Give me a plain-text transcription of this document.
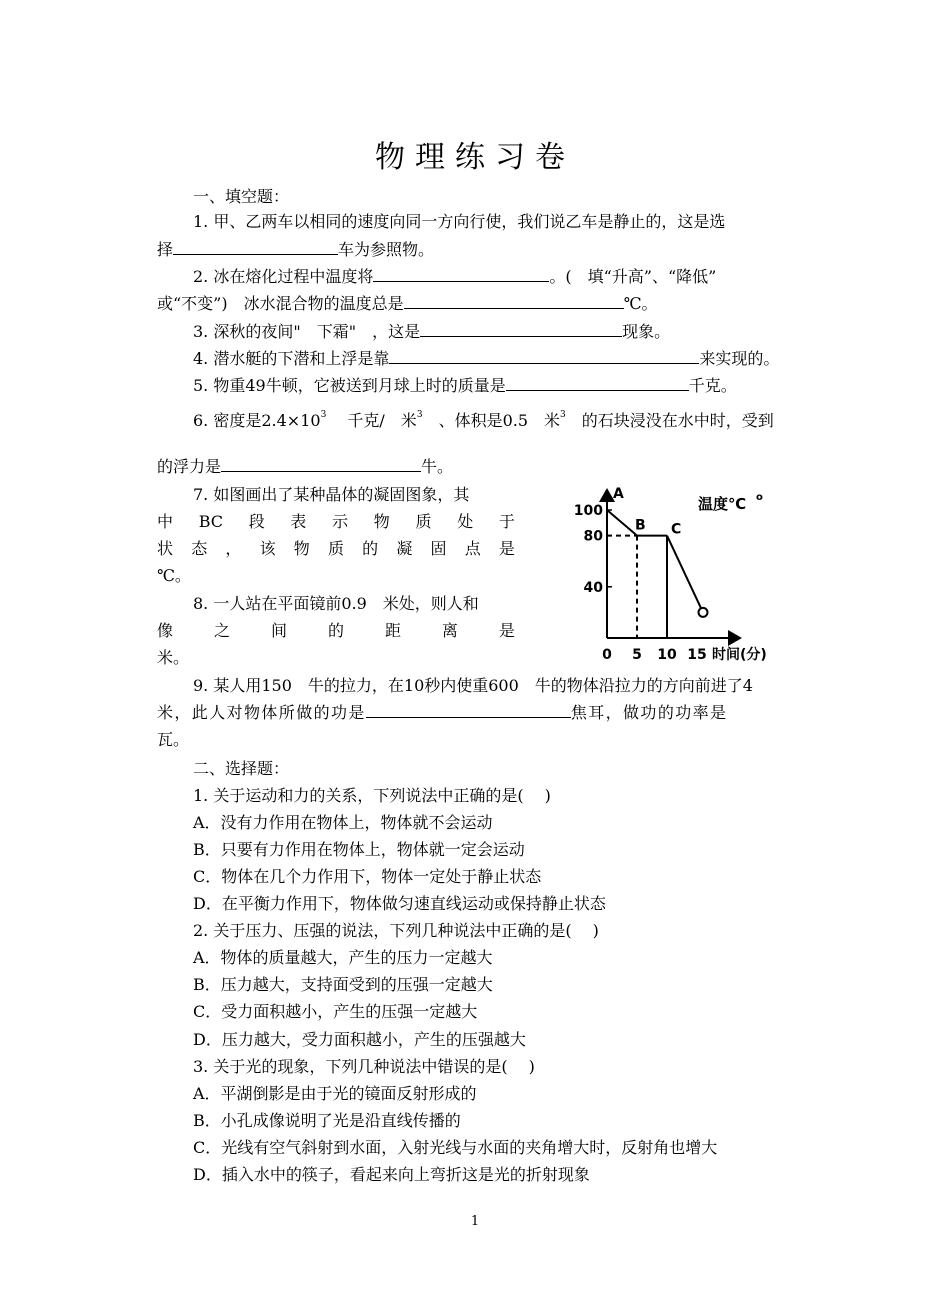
物理练习卷
一、填空题：
1. 甲、乙两车以相同的速度向同一方向行使，我们说乙车是静止的，这是选
择	车为参照物。
2. 冰在熔化过程中温度将	。(　填“升高”、“降低”
或“不变”)　冰水混合物的温度总是	℃。
3. 深秋的夜间"　下霜"　，这是	现象。
4. 潜水艇的下潜和上浮是靠	来实现的。
5. 物重49牛顿，它被送到月球上时的质量是	千克。
6. 密度是$2.4\times 10^3$　 千克/　米$^3$　 、体积是0.5　米$^3$　 的石块浸没在水中时，受到
的浮力是	牛。
7. 如图画出了某种晶体的凝固图象，其
中 BC 段 表 示 物 质 处 于
状 态 ， 该 物 质 的 凝 固 点 是
℃。
8. 一人站在平面镜前0.9　米处，则人和
像	之	间	的	距	离	是
米。
9. 某人用150　牛的拉力，在10秒内使重600　牛的物体沿拉力的方向前进了4
米，此人对物体所做的功是	焦耳，做功的功率是
瓦。
40
80
100
0 5 10 15
A
B C
o
温度℃
时间(分)
二、选择题：
1. 关于运动和力的关系，下列说法中正确的是(　 )
A．没有力作用在物体上，物体就不会运动
B．只要有力作用在物体上，物体就一定会运动
C．物体在几个力作用下，物体一定处于静止状态
D．在平衡力作用下，物体做匀速直线运动或保持静止状态
2. 关于压力、压强的说法，下列几种说法中正确的是(　 )
A．物体的质量越大，产生的压力一定越大
B．压力越大，支持面受到的压强一定越大
C．受力面积越小，产生的压强一定越大
D．压力越大，受力面积越小，产生的压强越大
3. 关于光的现象，下列几种说法中错误的是(　 )
A．平湖倒影是由于光的镜面反射形成的
B．小孔成像说明了光是沿直线传播的
C．光线有空气斜射到水面，入射光线与水面的夹角增大时，反射角也增大
D．插入水中的筷子，看起来向上弯折这是光的折射现象
1
